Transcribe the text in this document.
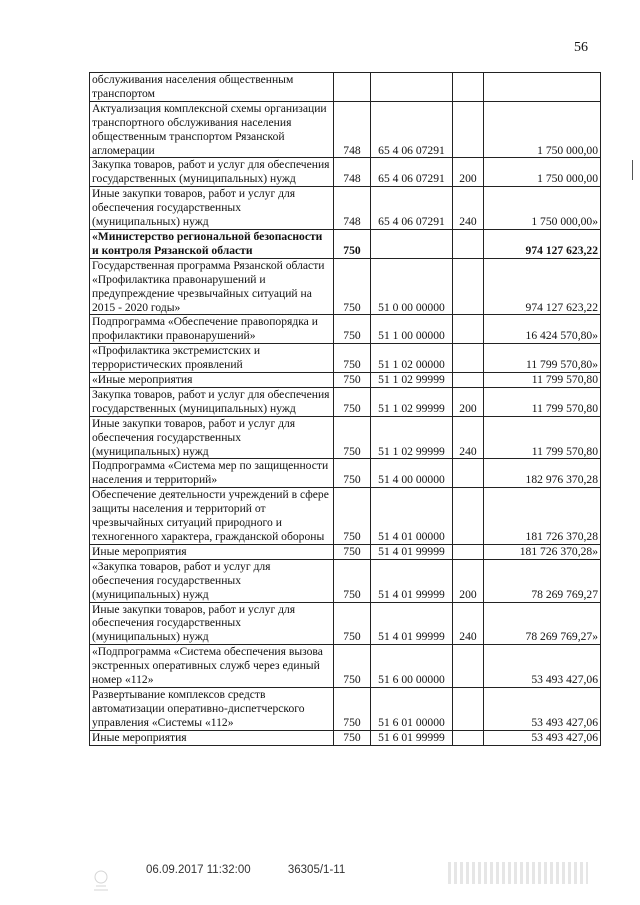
56
обслуживания населения общественным транспортом				
Актуализация комплексной схемы организации транспортного обслуживания населения общественным транспортом Рязанской агломерации	748	65 4 06 07291		1 750 000,00
Закупка товаров, работ и услуг для обеспечения государственных (муниципальных) нужд	748	65 4 06 07291	200	1 750 000,00
Иные закупки товаров, работ и услуг для обеспечения государственных (муниципальных) нужд	748	65 4 06 07291	240	1 750 000,00»
«Министерство региональной безопасности и контроля Рязанской области	750			974 127 623,22
Государственная программа Рязанской области «Профилактика правонарушений и предупреждение чрезвычайных ситуаций на 2015 - 2020 годы»	750	51 0 00 00000		974 127 623,22
Подпрограмма «Обеспечение правопорядка и профилактики правонарушений»	750	51 1 00 00000		16 424 570,80»
«Профилактика экстремистских и террористических проявлений	750	51 1 02 00000		11 799 570,80»
«Иные мероприятия	750	51 1 02 99999		11 799 570,80
Закупка товаров, работ и услуг для обеспечения государственных (муниципальных) нужд	750	51 1 02 99999	200	11 799 570,80
Иные закупки товаров, работ и услуг для обеспечения государственных (муниципальных) нужд	750	51 1 02 99999	240	11 799 570,80
Подпрограмма «Система мер по защищенности населения и территорий»	750	51 4 00 00000		182 976 370,28
Обеспечение деятельности учреждений в сфере защиты населения и территорий от чрезвычайных ситуаций природного и техногенного характера, гражданской обороны	750	51 4 01 00000		181 726 370,28
Иные мероприятия	750	51 4 01 99999		181 726 370,28»
«Закупка товаров, работ и услуг для обеспечения государственных (муниципальных) нужд	750	51 4 01 99999	200	78 269 769,27
Иные закупки товаров, работ и услуг для обеспечения государственных (муниципальных) нужд	750	51 4 01 99999	240	78 269 769,27»
«Подпрограмма «Система обеспечения вызова экстренных оперативных служб через единый номер «112»	750	51 6 00 00000		53 493 427,06
Развертывание комплексов средств автоматизации оперативно-диспетчерского управления «Системы «112»	750	51 6 01 00000		53 493 427,06
Иные мероприятия	750	51 6 01 99999		53 493 427,06
06.09.2017 11:32:00	36305/1-11
